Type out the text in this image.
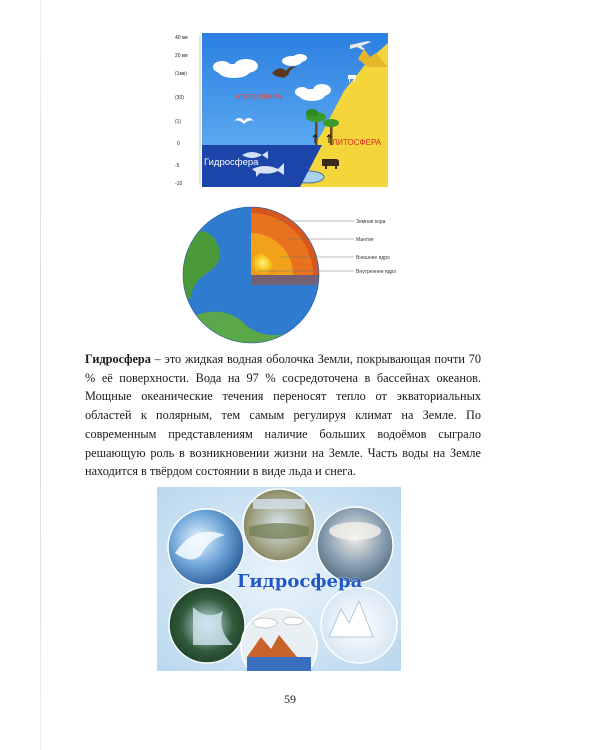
40 км
20 км
(1мк)
(30)
(1)
0
-5
-10
АТМОСФЕРА
ЛИТОСФЕРА
Гидросфера
Земная кора
Мантия
Внешнее ядро
Внутреннее ядро

Гидросфера – это жидкая водная оболочка Земли, покрывающая почти 70 % её поверхности. Вода на 97 % сосредоточена в бассейнах океанов. Мощные океанические течения переносят тепло от экваториальных областей к полярным, тем самым регулируя климат на Земле. По современным представлениям наличие больших водоёмов сыграло решающую роль в возникновении жизни на Земле. Часть воды на Земле находится в твёрдом состоянии в виде льда и снега.

Гидросфера
59
